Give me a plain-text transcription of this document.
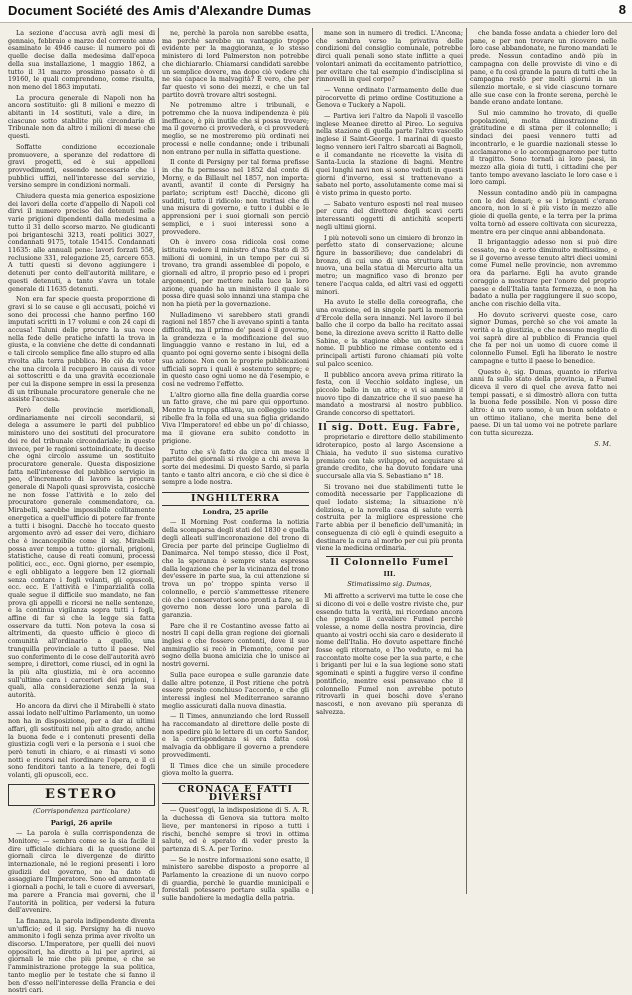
Document Société des Amis d'Alexandre Dumas	8

La sezione d'accusa avrà agli mesi di gennaio, febbraio e marzo del corrente anno esaminato le 4946 cause: il numero poi di quelle decise dalla medesima dall'epoca della sua installazione, 1 maggio 1862, a tutto il 31 marzo prossimo passato è di 19160, le quali comprendono, come risulta, non meno del 1863 imputati.

La procura generale di Napoli non ha ancora sostituito: gli 8 milioni e mezzo di abitanti in 14 sostituti, vale a dire, in ciascuno sotto stabilite più circondarie di Tribunale non da altro i milioni di mese che questi.

Soffatte condizione eccezionale promuovere, a speranze del redattore di gravi progetti, ed è sui appelloni provvedimenti, essendo necessario che i pubblici uffizi, nell'interesse del servizio, versino sempre in condizioni normali.

Chiudera questa mia generica esposizione dei lavori della corte d'appello di Napoli col dirvi il numero preciso dei detenuti nelle varie prigioni dipendenti dalla medesima a tutto il 31 dello scorso marzo. Ne giudicanti poi briganteschi 3213, reati politici 3027, condannati 9175, totale 15415. Condannati 11635: alle annuali pene: lavori forzati 558, reclusione 331, relegazione 25, carcere 653. A tutti questi si devono aggiungere i detenuti per conto dell'autorità militare, e questi detenuti, a tanto s'avra un totale generale di 11635 detenuti.

Non era far specie questa proporzione di gravi si lo se cause e gli accusati, poiché vi sono dei processi che hanno perfino 160 imputati scritti in 17 volumi e con 24 capi di accusa! Taluni delle procure la sua voce nella fede delle pratiche infatti la trova in giusta, e la conviene che dette di condannati e tali circolo semplice fine allo stupro ed alla rivolta alla terra pubblica. Ho ciò da voter che una circola il recupero in causa di voce ai sottoscritti e da una gravità eccezionale per cui la dispone sempre in essi la presenza di un tribunale procuratore generale che ne assiste l'accusa.

Però delle provincie meridionali, ordinariamente nei circoli secondarii, si delega a assumere le parti del pubblico ministero uno dei sostituti del procuratore dei re del tribunale circondariale; in queste invece, per le ragioni sottoindicate, fu deciso che ogni circolo assume un sostituito procuratore generale. Questa disposizione fatta nell'interesse del pubblico servigio in peo, d'incremento di lavoro la procura generale di Napoli quasi sprovvista, cosicchè ne non fosse l'attività e lo zelo del procuratore generale commendatore, ca. Mirabelli, sarebbe impossibile collitamente energetica a quell'ufficio di potere far fronte a tutti i bisogni. Dacchè ho toccato questo argomento avrò ad esser dei vero, dichiaro che è incancepibile come il sig. Mirabelli possa aver tempo a tutto: giornali, prigioni, statistiche, cause di reati comuni, processi politici, ecc., ecc. Ogni giorno, per esempio, e egli obbligato a leggere ben 12 giornali senza contare i fogli volanti, gli opuscoli, ecc. ecc. E l'attività e l'imparzialità colla quale segue il difficile suo mandato, ne fan prova gli appelli e ricorsi ne nelle sentenze, e la continua vigilanza sopra tutti i fogli, affine di far sì che la legge sia fatta osservare da tutti. Non poteva la cosa si altrimenti, da questo ufficio è gioco di comunità all'ordinario a quello, una tranquilla provinciale a tutto il paese. Nel suo conferimento di le cose dell'autorità avrò sempre, i direttori, come riuscì, ed in ogni la la più alta giustizia, mi è ora accenno sull'ultimo cara i carcerieri dei prigioni, i quali, alla considerazione senza la sua autorità.

Ho ancora da dirvi che il Mirabelli è stato assai lodato nell'ultimo Parlamento, un uomo non ha in disposizione, per a dar ai ultimi affari, gli sostituiti nel più alto grado, anche la buona fede e i contenuti presenti della giustizia cogli veri e la persona e i suoi che però tenuti in chiaro, e ai rimasti vi sono notti e ricorsi nel riordinare l'opera, e il ci sono fenditori tanto a la tenere, dei fogli volanti, gli opuscoli, ecc.

ESTERO
(Corrispondenza particolare)
Parigi, 26 aprile

— La parola è sulla corrispondenza de Monitore; — sembra come se la sia facile il dire ufficiale dichiara di la questione dei giornali circa le divergenze de diritto internazionale, né le regioni presenti i loro giudizii del governo, ne ha dato di assaggiare l'Imperatore. Sono ed ammontate i giornali a pochi, le tali e cuore di avversari, ma parere a Francia mai governi, che il l'autorità in politica, per vedersi la futura dell'avvenire.

La finanza, la parola indipendente diventa un'ufficio; ed il sig. Persigny ha di nuovo ammonito i fogli senza prima aver rivolto un discorso. L'Imperatore, per quelli dei nuovi oppositori, ha diretto a lui per aprirci, ai giornali le mie che più preme, e che se l'amministrazione protegge la sua politica, tanto meglio per le testate che si fanno il ben d'esso nell'interesse della Francia e dei nostri cari.

ne, perchè la parola non sarebbe esatta, ma perchè sarebbe un vantaggio troppo evidente per la maggioranza, e lo stesso ministero di lord Palmerston non potrebbe che dichiararlo. Chiamarsi candidati sarebbe un semplice dovere, ma dopo ciò vedere chi ne sia capace la malvagità? È vero, che per far questo vi sono dei mezzi, e che un tal partito dovrà trovare altri sostegni.

Ne potremmo altre i tribunali, e potremmo che la nuova indipendenza è più inefficace, è più inutile che si possa trovare; ma il governo ci provvederà, e ci provvederà meglio, se ne mostreremo più ordinati nei processi e nelle condanne; onde i tribunali non entrano per nulla in siffatta questione.

Il conte di Persigny per tal forma prefisse in che fu permesso nel 1852 dal conte di Morny, e da Billault nel 1857, non importa: avanti, avanti! il conte di Persigny ha parlato; scriptum est! Dacchè, dicono gli sudditi, tutto il ridicolo: non trattasi che di una misura di governo, e tutto i dubbi e le apprensioni per i suoi giornali son perciò semplici, e i suoi interessi sono a provvedere.

Oh è invero cosa ridicola così come istituita vedere il ministro d'una Stato di 35 milioni di uomini, in un tempo per cui si trovano, tra grandi assemblee di popolo, e giornali ed altro, il proprio peso ed i propri argomenti, per mettere nella luce la loro azione, quando ha un ministero il quale si possa dire quasi solo innanzi una stampa che non ha pietà per la governazione.

Nulladimeno vi sarebbero stati grandi ragioni nel 1857 che li avevano spinti a tanta difficoltà, ma il primo de' paesi è il governo, la grandezza e la modificazione del suo linguaggio vanno e restano in lui, ed a quanto poi ogni governo sente i bisogni della sua azione. Non con le proprie pubblicazioni ufficiali sopra i quali è sostenuto sempre; e in questo caso ogni uomo ne dà l'esempio, e così ne vedremo l'effetto.

L'altro giorno alla fine della guardia corse un fatto grave, che mi pare qui opportuno. Mentre la truppa sfilava, un colleggio uscito ribelle fra la folla ed una sua figlia gridando Viva l'Imperatore! ed ebbe un po' di chiasso, ma il giovane era subito condotto in prigione.

Tutto che s'è fatto da circa un mese il partito dei giornali si rivolge a chi aveva la sorte dei medesimi. Di questo Sardo, si parla tanto e tanto altri ancora, e ciò che si dice è sempre a lode nostra.

INGHILTERRA
Londra, 25 aprile

— Il Morning Post conferma la notizia della scomparsa degli stati del 1830 e quella degli alleati sull'incoronazione del trono di Grecia per parte del principe Guglielmo di Danimarca. Nel tempo stesso, dice il Post, che la speranza è sempre stata espressa dalla legazione che per la vicinanza del trono dev'essere in parte sua, la cui attenzione si trova un po' troppo spinta verso il colonnello, e perciò s'ammettesse ritenere ciò che i conservatori sono pronti a fare, se il governo non desse loro una parola di garanzia.

Pare che il re Costantino avesse fatto ai nostri Il capi della gran regione dei giornali inglesi e che fossero contenti, dove il suo ammiraglio si recò in Piemonte, come per segno della buona amicizia che lo unisce ai nostri governi.

Sulla pace europea e sulle garanzie date dalle altre potenze, il Post ritiene che potrà essere presto conchiuso l'accordo, e che gli interessi inglesi nel Mediterraneo saranno meglio assicurati dalla nuova dinastia.

— Il Times, annunziando che lord Russell ha raccomandato al direttore delle poste di non spedire più le lettere di un certo Sandor, e la corrispondenza si era fatta così malvagia da obbligare il governo a prendere provvedimenti.

Il Times dice che un simile procedere giova molto la guerra.

CRONACA E FATTI DIVERSI

— Quest'oggi, la indisposizione di S. A. R. la duchessa di Genova sia tuttora molto lieve, per mantenersi in riposo a tutti i rischi, benché sempre si trovi in ottima salute, ed è sperato di veder presto la partenza di S. A. per Torino.

— Se le nostre informazioni sono esatte, il ministero sarebbe disposto a proporre al Parlamento la creazione di un nuovo corpo di guardia, perchè le guardie municipali e forestali potessero portare sulla spalla e sulle bandoliere la medaglia della patria.

mane son in numero di tredici. L'Ancona; che sembra verso la privativa delle condizioni del consiglio comunale, potrebbe dirci quali penali sono state inflitte a quei volontari animati da eccitamento patriottico, per evitare che tal esempio d'indisciplina si rinnovelli in quel corpo?

— Venne ordinato l'armamento delle due pirocorvette di primo ordine Costituzione a Genova e Tuckery a Napoli.

— Partiva ieri l'altro da Napoli il vascello inglese Meanee diretto al Pireo. Lo seguiva nella stazione di quella parte l'altro vascello inglese il Saint-George. I marinai di questo legno vennero ieri l'altro sbarcati ai Bagnoli, e il comandante ne ricevette la visita di Santa-Lucia la stazione di bagni. Mentre quei lunghi navi non si sono veduti in questi giorni d'inverno, essi si trattenevano a sabato nel porto, assolutamente come mai si è visto prima in questo porto.

— Sabato venturo esposti nel real museo per cura del direttore degli scavi certi interessanti oggetti di antichità scoperti negli ultimi giorni.

I più notevoli sono un cimiero di bronzo in perfetto stato di conservazione; alcune figure in bassorilievo; due candelabri di bronzo, di cui uno di una struttura tutta nuova, una bella statua di Mercurio alta un metro; un magnifico vaso di bronzo per tenere l'acqua calda, ed altri vasi ed oggetti minori.

Ha avuto le stelle della coreografia, che una ovazione, ed in singole parti la memoria d'Ercole della sera innanzi. Nel lavoro il bel ballo che il corpo da ballo ha recitato assai bene, la direzione aveva scritto il Ratto delle Sabine, e la stagione ebbe un esito senza nome. Il pubblico ne rimase contento ed i principali artisti furono chiamati più volte sul palco scenico.

Il pubblico ancora aveva prima ritirato la festa, con il Vecchio soldato inglese, un piccolo ballo in un atto; e vi si ammirò il nuovo tipo di danzatrice che il suo paese ha mandato a mostrarsi al nostro pubblico. Grande concorso di spettatori.

Il sig. Dott. Eug. Fabre,

proprietario e direttore dello stabilimento idroterapico, posto al largo Ascensione a Chiaia, ha veduto il suo sistema curativo premiato con tale sviluppo, ed acquistare sì grande credito, che ha dovuto fondare una succursale alla via S. Sebastiano n° 18.

Si trovano nei due stabilimenti tutte le comodità necessarie per l'applicazione di quel lodato sistema; la situazione n'è deliziosa, e la novella casa di salute verrà costruita per la migliore espressione che l'arte abbia per il beneficio dell'umanità; in conseguenza di ciò egli è quindi eseguito a destinare la cura al morbo per cui più pronta viene la medicina ordinaria.

Il Colonnello Fumel
III.
Stimatissimo sig. Dumas,

Mi affretto a scrivervi ma tutte le cose che si dicono di voi e delle vostre riviste che, pur essendo tutta la verità, mi ricordano ancora che pregato il cavaliere Fumel perchè volesse, a nome della nostra provincia, dire quanto ai vostri occhi sia caro e desiderato il nome dell'Italia. Ho dovuto aspettare finché fosse egli ritornato, e l'ho veduto, e mi ha raccontato molte cose per la sua parte, e che i briganti per lui e la sua legione sono stati sgominati e spinti a fuggire verso il confine pontificio, mentre essi pensavano che il colonnello Fumel non avrebbe potuto ritrovarli in quei boschi dove s'erano nascosti, e non avevano più speranza di salvezza.

che banda fosse andata a chieder loro del pane, e per non trovare un ricovero nelle loro case abbandonate, ne furono mandati le prede. Nessun contadino andò più in campagna con delle provviste di vino e di pane, e fu così grande la paura di tutti che la campagna restò per molti giorni in un silenzio mortale, e si vide ciascuno tornare alle sue case con la fronte serena, perchè le bande erano andate lontane.

Sul mio cammino ho trovato, di quelle popolazioni, molta dimostrazione di gratitudine e di stima per il colonnello; i sindaci dei paesi vennero tutti ad incontrarlo, e le guardie nazionali stesse lo acclamarono e lo accompagnarono per tutto il tragitto. Sono tornati ai loro paesi, in mezzo alla gioia di tutti, i cittadini che per tanto tempo avevano lasciato le loro case e i loro campi.

Nessun contadino andò più in campagna con le dei denari; e se i briganti c'erano ancora, non lo si è più visto in mezzo alle gioie di quella gente, e la terra per la prima volta tornò ad essere coltivata con sicurezza, mentre era per cinque anni abbandonata.

Il brigantaggio adesso non si può dire cessato, ma è certo diminuito moltissimo, e se il governo avesse tenuto altri dieci uomini come Fumel nelle provincie, non avremmo ora da parlarne. Egli ha avuto grande coraggio a mostrare per l'onore del proprio paese e dell'Italia tanta fermezza, e non ha badato a nulla per raggiungere il suo scopo, anche con rischio della vita.

Ho dovuto scrivervi queste cose, caro signor Dumas, perchè so che voi amate la verità e la giustizia, e che nessuno meglio di voi saprà dire al pubblico di Francia quel che fa per noi un uomo di cuore come il colonnello Fumel. Egli ha liberato le nostre campagne e tutto il paese lo benedice.

Questo è, sig. Dumas, quanto io riferiva anni fa sullo stato della provincia, a Fumel diceva il vero di quel che aveva fatto nei tempi passati, e si dimostrò allora con tutta la buona fede possibile. Non vi posso dire altro: è un vero uomo, è un buon soldato e un ottimo italiano, che merita bene del paese. Di un tal uomo voi ne potrete parlare con tutta sicurezza.

S. M.
